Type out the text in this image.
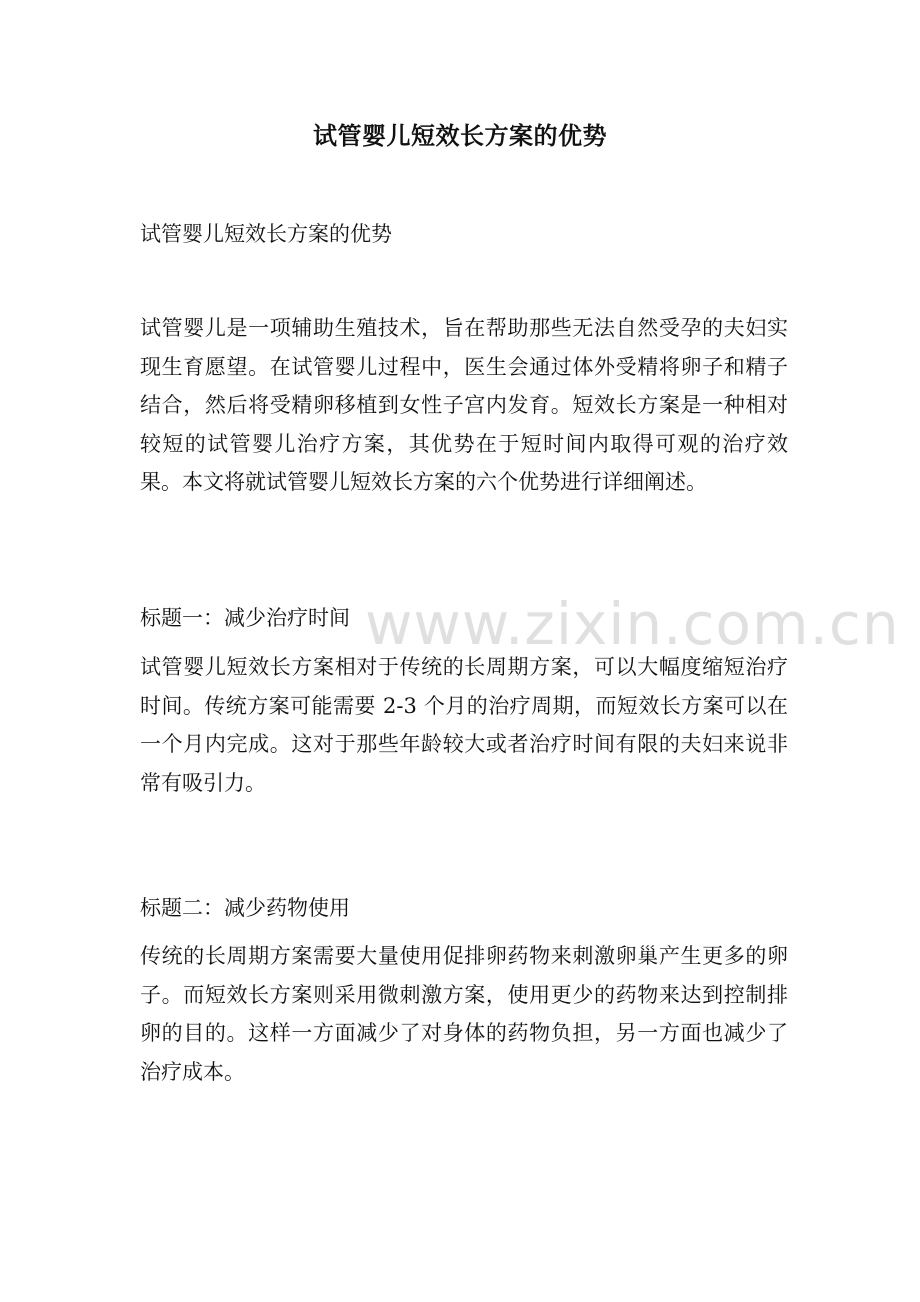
试管婴儿短效长方案的优势
试管婴儿短效长方案的优势
试管婴儿是一项辅助生殖技术，旨在帮助那些无法自然受孕的夫妇实现生育愿望。在试管婴儿过程中，医生会通过体外受精将卵子和精子结合，然后将受精卵移植到女性子宫内发育。短效长方案是一种相对较短的试管婴儿治疗方案，其优势在于短时间内取得可观的治疗效果。本文将就试管婴儿短效长方案的六个优势进行详细阐述。
标题一：减少治疗时间
试管婴儿短效长方案相对于传统的长周期方案，可以大幅度缩短治疗时间。传统方案可能需要 2-3 个月的治疗周期，而短效长方案可以在一个月内完成。这对于那些年龄较大或者治疗时间有限的夫妇来说非常有吸引力。
标题二：减少药物使用
传统的长周期方案需要大量使用促排卵药物来刺激卵巢产生更多的卵子。而短效长方案则采用微刺激方案，使用更少的药物来达到控制排卵的目的。这样一方面减少了对身体的药物负担，另一方面也减少了治疗成本。
www.zixin.com.cn
